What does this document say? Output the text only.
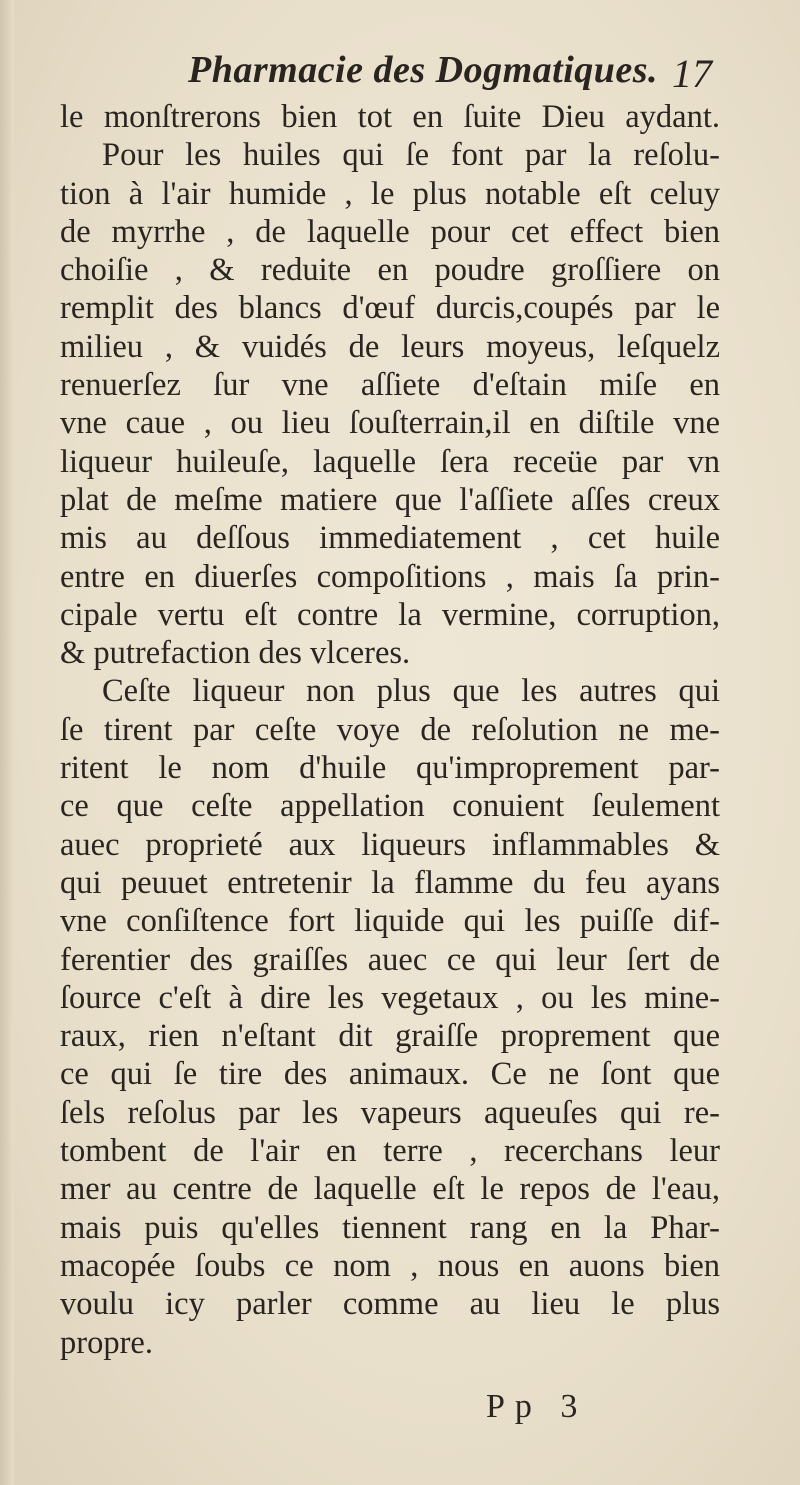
Pharmacie des Dogmatiques. 17
le monſtrerons bien tot en ſuite Dieu aydant.
Pour les huiles qui ſe font par la reſolu-
tion à l'air humide , le plus notable eſt celuy
de myrrhe , de laquelle pour cet effect bien
choiſie , & reduite en poudre groſſiere on
remplit des blancs d'œuf durcis,coupés par le
milieu , & vuidés de leurs moyeus, leſquelz
renuerſez ſur vne aſſiete d'eſtain miſe en
vne caue , ou lieu ſouſterrain,il en diſtile vne
liqueur huileuſe, laquelle ſera receüe par vn
plat de meſme matiere que l'aſſiete aſſes creux
mis au deſſous immediatement , cet huile
entre en diuerſes compoſitions , mais ſa prin-
cipale vertu eſt contre la vermine, corruption,
& putrefaction des vlceres.
Ceſte liqueur non plus que les autres qui
ſe tirent par ceſte voye de reſolution ne me-
ritent le nom d'huile qu'improprement par-
ce que ceſte appellation conuient ſeulement
auec proprieté aux liqueurs inflammables &
qui peuuet entretenir la flamme du feu ayans
vne conſiſtence fort liquide qui les puiſſe dif-
ferentier des graiſſes auec ce qui leur ſert de
ſource c'eſt à dire les vegetaux , ou les mine-
raux, rien n'eſtant dit graiſſe proprement que
ce qui ſe tire des animaux. Ce ne ſont que
ſels reſolus par les vapeurs aqueuſes qui re-
tombent de l'air en terre , recerchans leur
mer au centre de laquelle eſt le repos de l'eau,
mais puis qu'elles tiennent rang en la Phar-
macopée ſoubs ce nom , nous en auons bien
voulu icy parler comme au lieu le plus
propre.
Pp 3
